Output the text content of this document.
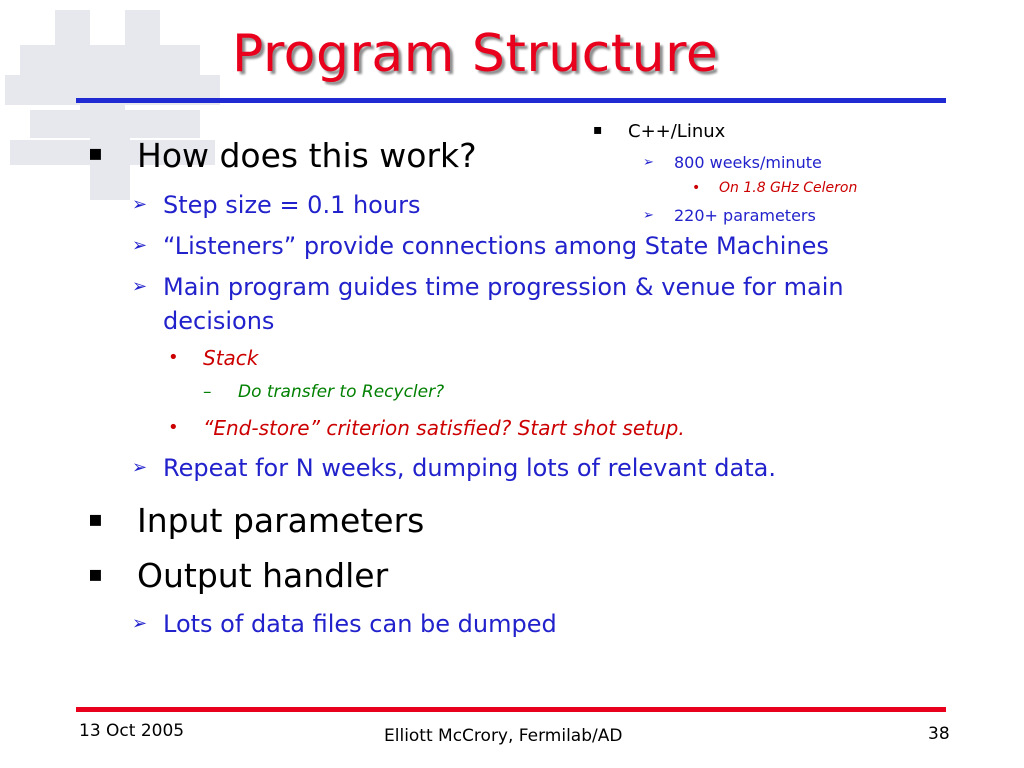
Program Structure
▪ How does this work?
➢ Step size = 0.1 hours
➢ “Listeners” provide connections among State Machines
➢ Main program guides time progression & venue for main
decisions
• Stack
– Do transfer to Recycler?
• “End-store” criterion satisfied? Start shot setup.
➢ Repeat for N weeks, dumping lots of relevant data.
▪ Input parameters
▪ Output handler
➢ Lots of data files can be dumped
▪ C++/Linux
➢ 800 weeks/minute
• On 1.8 GHz Celeron
➢ 220+ parameters
13 Oct 2005	Elliott McCrory, Fermilab/AD	38
